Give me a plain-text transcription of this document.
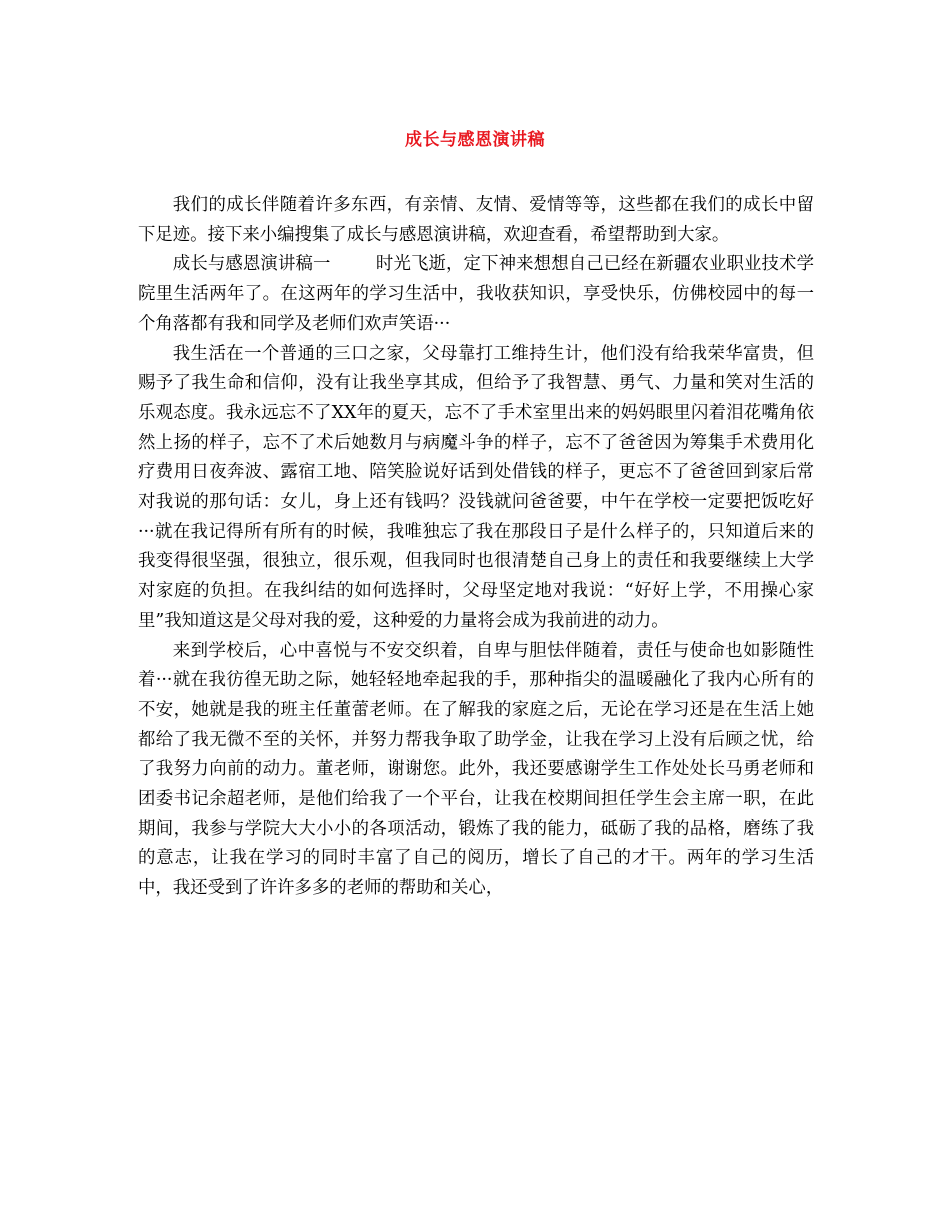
成长与感恩演讲稿

我们的成长伴随着许多东西，有亲情、友情、爱情等等，这些都在我们的成长中留下足迹。接下来小编搜集了成长与感恩演讲稿，欢迎查看，希望帮助到大家。

成长与感恩演讲稿一	时光飞逝，定下神来想想自己已经在新疆农业职业技术学院里生活两年了。在这两年的学习生活中，我收获知识，享受快乐，仿佛校园中的每一个角落都有我和同学及老师们欢声笑语···

我生活在一个普通的三口之家，父母靠打工维持生计，他们没有给我荣华富贵，但赐予了我生命和信仰，没有让我坐享其成，但给予了我智慧、勇气、力量和笑对生活的乐观态度。我永远忘不了XX年的夏天，忘不了手术室里出来的妈妈眼里闪着泪花嘴角依然上扬的样子，忘不了术后她数月与病魔斗争的样子，忘不了爸爸因为筹集手术费用化疗费用日夜奔波、露宿工地、陪笑脸说好话到处借钱的样子，更忘不了爸爸回到家后常对我说的那句话：女儿，身上还有钱吗？没钱就问爸爸要，中午在学校一定要把饭吃好···就在我记得所有所有的时候，我唯独忘了我在那段日子是什么样子的，只知道后来的我变得很坚强，很独立，很乐观，但我同时也很清楚自己身上的责任和我要继续上大学对家庭的负担。在我纠结的如何选择时，父母坚定地对我说：“好好上学，不用操心家里”我知道这是父母对我的爱，这种爱的力量将会成为我前进的动力。

来到学校后，心中喜悦与不安交织着，自卑与胆怯伴随着，责任与使命也如影随性着···就在我彷徨无助之际，她轻轻地牵起我的手，那种指尖的温暖融化了我内心所有的不安，她就是我的班主任董蕾老师。在了解我的家庭之后，无论在学习还是在生活上她都给了我无微不至的关怀，并努力帮我争取了助学金，让我在学习上没有后顾之忧，给了我努力向前的动力。董老师，谢谢您。此外，我还要感谢学生工作处处长马勇老师和团委书记余超老师，是他们给我了一个平台，让我在校期间担任学生会主席一职，在此期间，我参与学院大大小小的各项活动，锻炼了我的能力，砥砺了我的品格，磨练了我的意志，让我在学习的同时丰富了自己的阅历，增长了自己的才干。两年的学习生活中，我还受到了许许多多的老师的帮助和关心，
